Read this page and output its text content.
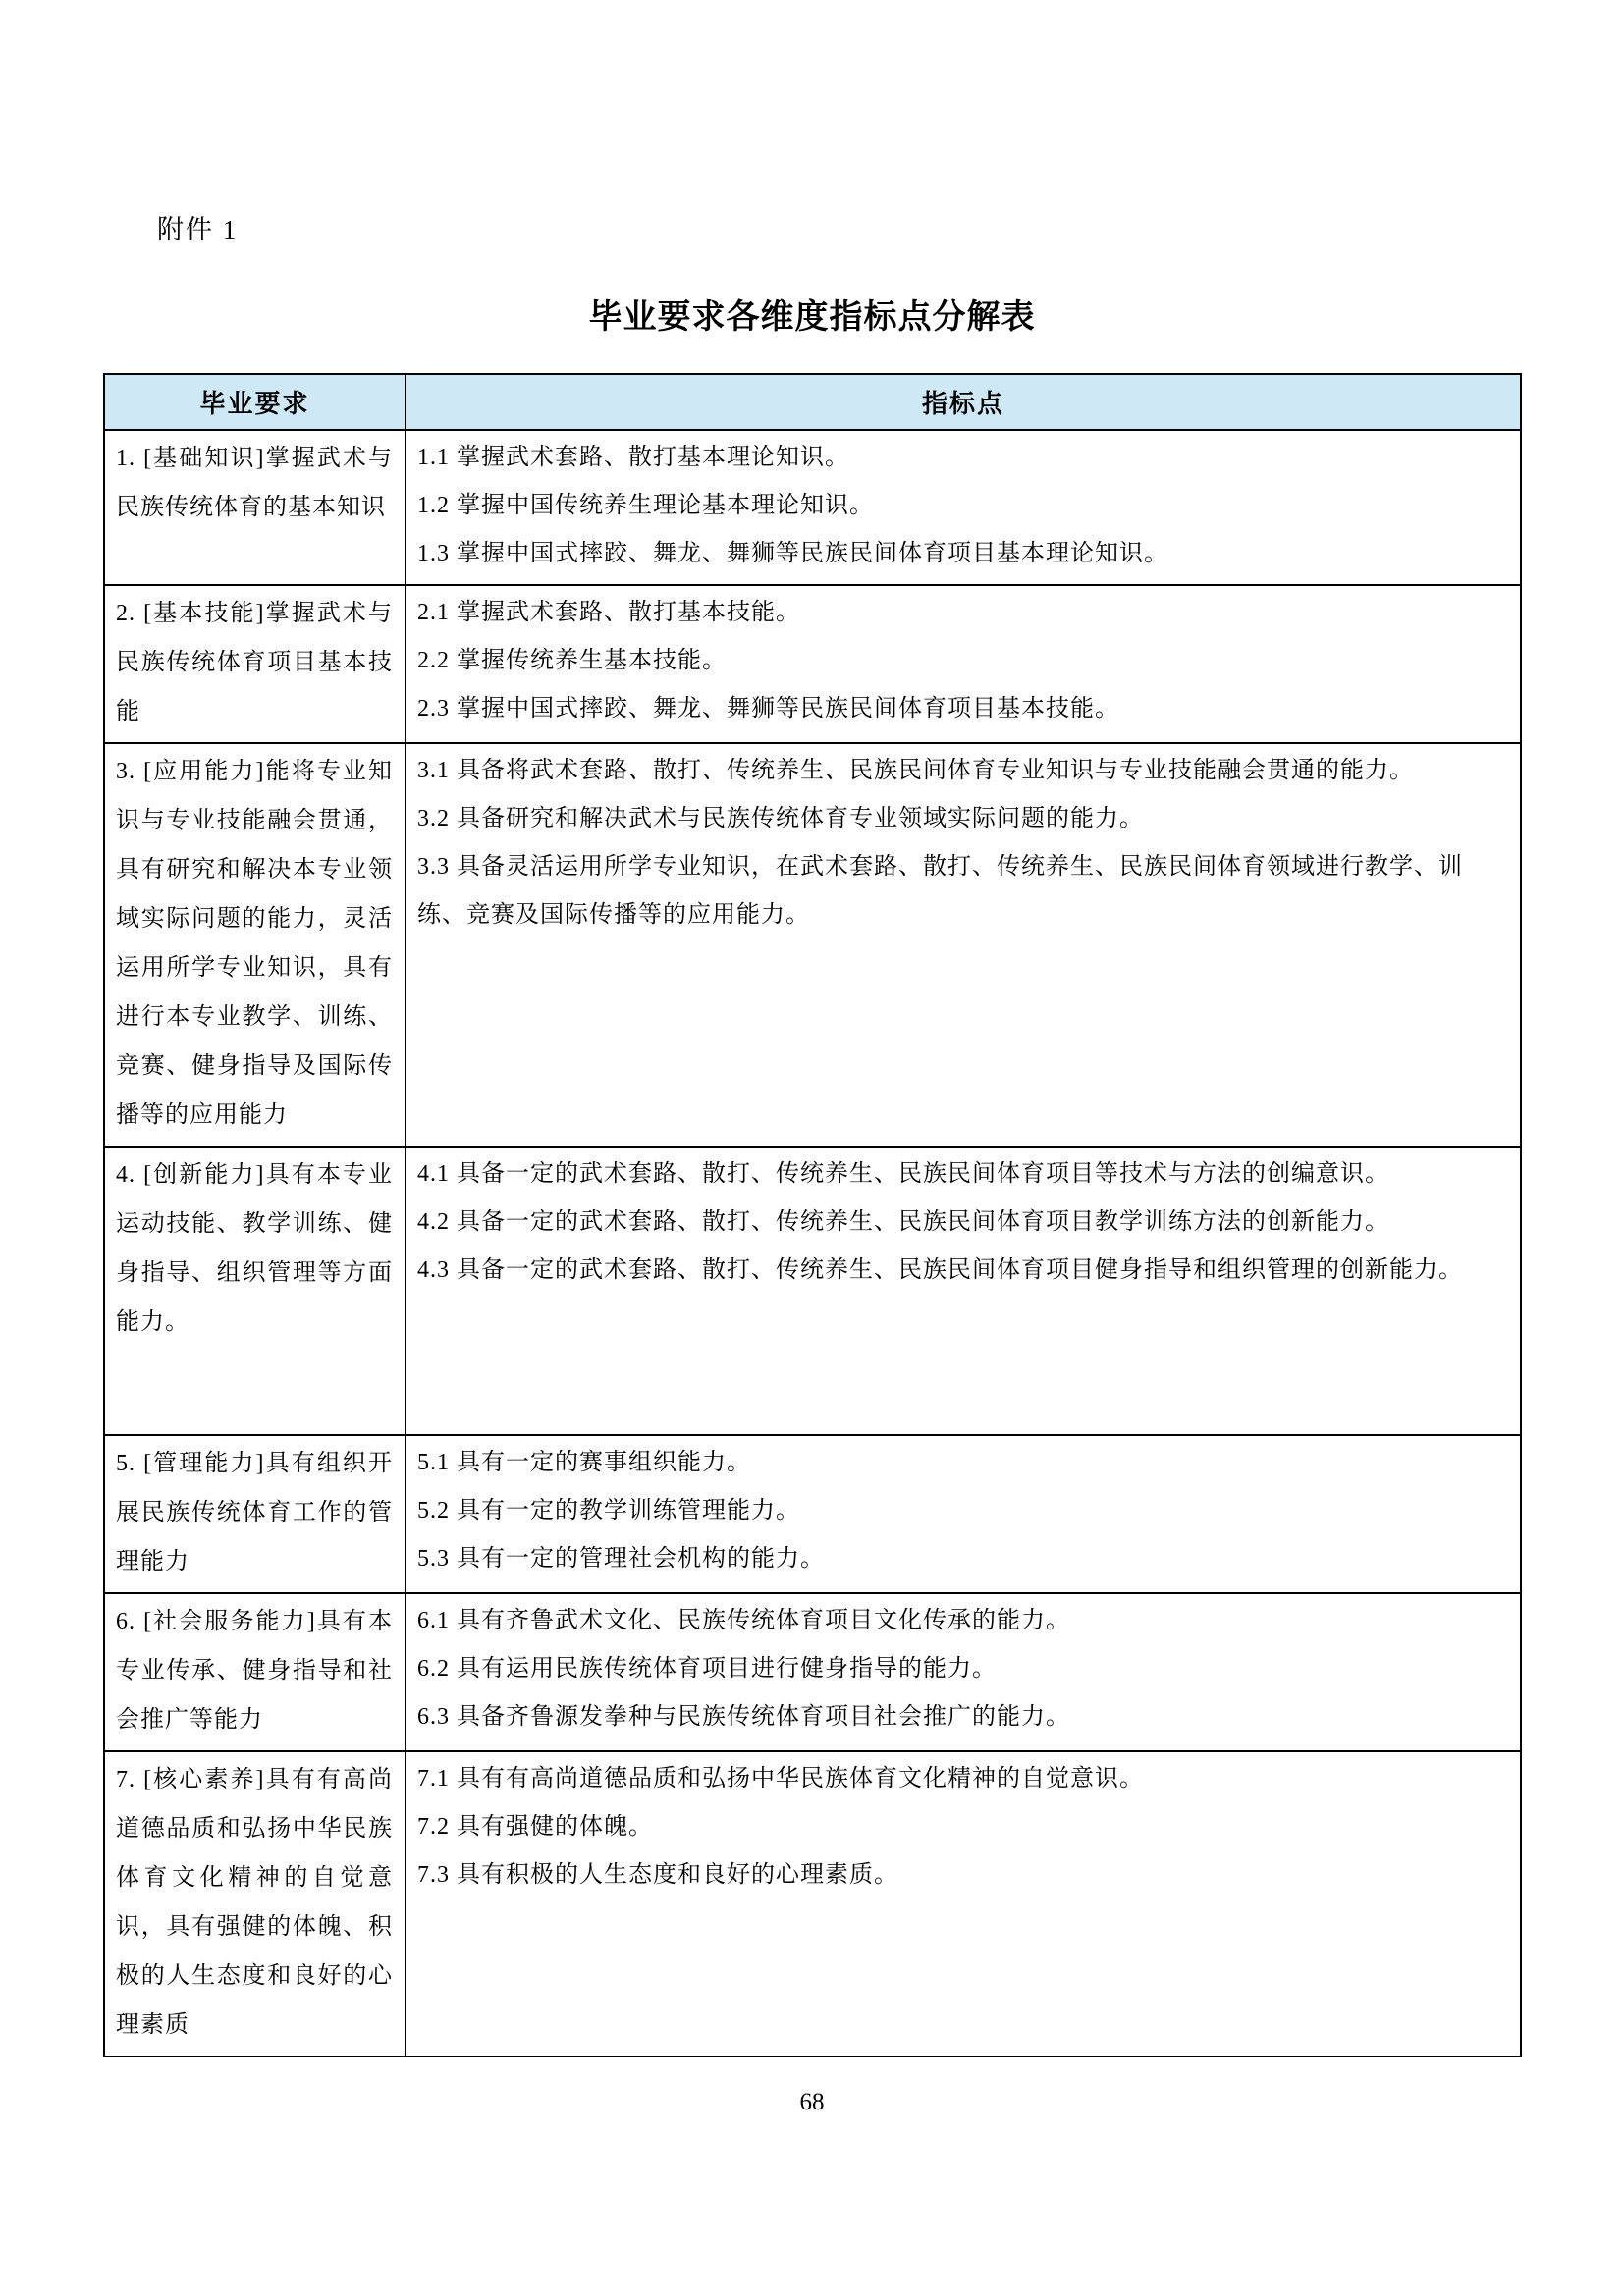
附件 1
毕业要求各维度指标点分解表
毕业要求	指标点

1. [基础知识]掌握武术与民族传统体育的基本知识	1.1 掌握武术套路、散打基本理论知识。

1.2 掌握中国传统养生理论基本理论知识。

1.3 掌握中国式摔跤、舞龙、舞狮等民族民间体育项目基本理论知识。

2. [基本技能]掌握武术与民族传统体育项目基本技能	2.1 掌握武术套路、散打基本技能。

2.2 掌握传统养生基本技能。

2.3 掌握中国式摔跤、舞龙、舞狮等民族民间体育项目基本技能。

3. [应用能力]能将专业知识与专业技能融会贯通，具有研究和解决本专业领域实际问题的能力，灵活运用所学专业知识，具有进行本专业教学、训练、竞赛、健身指导及国际传播等的应用能力	3.1 具备将武术套路、散打、传统养生、民族民间体育专业知识与专业技能融会贯通的能力。

3.2 具备研究和解决武术与民族传统体育专业领域实际问题的能力。

3.3 具备灵活运用所学专业知识，在武术套路、散打、传统养生、民族民间体育领域进行教学、训练、竞赛及国际传播等的应用能力。

4. [创新能力]具有本专业运动技能、教学训练、健身指导、组织管理等方面能力。	4.1 具备一定的武术套路、散打、传统养生、民族民间体育项目等技术与方法的创编意识。

4.2 具备一定的武术套路、散打、传统养生、民族民间体育项目教学训练方法的创新能力。

4.3 具备一定的武术套路、散打、传统养生、民族民间体育项目健身指导和组织管理的创新能力。

5. [管理能力]具有组织开展民族传统体育工作的管理能力	5.1 具有一定的赛事组织能力。

5.2 具有一定的教学训练管理能力。

5.3 具有一定的管理社会机构的能力。

6. [社会服务能力]具有本专业传承、健身指导和社会推广等能力	6.1 具有齐鲁武术文化、民族传统体育项目文化传承的能力。

6.2 具有运用民族传统体育项目进行健身指导的能力。

6.3 具备齐鲁源发拳种与民族传统体育项目社会推广的能力。

7. [核心素养]具有有高尚道德品质和弘扬中华民族体育文化精神的自觉意识，具有强健的体魄、积极的人生态度和良好的心理素质	7.1 具有有高尚道德品质和弘扬中华民族体育文化精神的自觉意识。

7.2 具有强健的体魄。

7.3 具有积极的人生态度和良好的心理素质。

68
